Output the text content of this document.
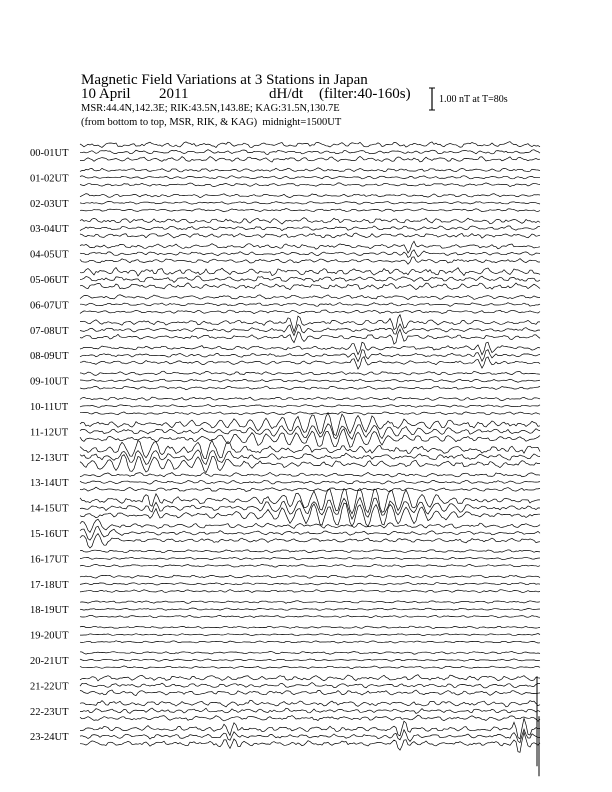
Magnetic Field Variations at 3 Stations in Japan
10 April 2011	dH/dt (filter:40-160s)
MSR:44.4N,142.3E; RIK:43.5N,143.8E; KAG:31.5N,130.7E
(from bottom to top, MSR, RIK, & KAG) midnight=1500UT
1.00 nT at T=80s
00-01UT
01-02UT
02-03UT
03-04UT
04-05UT
05-06UT
06-07UT
07-08UT
08-09UT
09-10UT
10-11UT
11-12UT
12-13UT
13-14UT
14-15UT
15-16UT
16-17UT
17-18UT
18-19UT
19-20UT
20-21UT
21-22UT
22-23UT
23-24UT
